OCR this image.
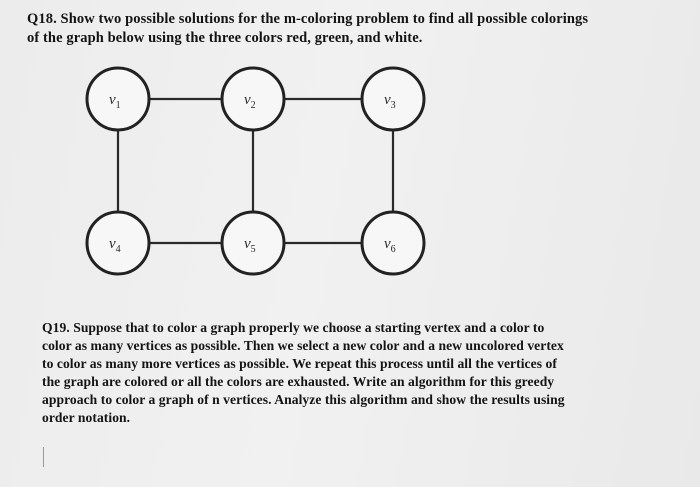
Q18. Show two possible solutions for the m-coloring problem to find all possible colorings
of the graph below using the three colors red, green, and white.
$v_1$	$v_2$	$v_3$
$v_4$	$v_5$	$v_6$
Q19. Suppose that to color a graph properly we choose a starting vertex and a color to
color as many vertices as possible. Then we select a new color and a new uncolored vertex
to color as many more vertices as possible. We repeat this process until all the vertices of
the graph are colored or all the colors are exhausted. Write an algorithm for this greedy
approach to color a graph of n vertices. Analyze this algorithm and show the results using
order notation.
